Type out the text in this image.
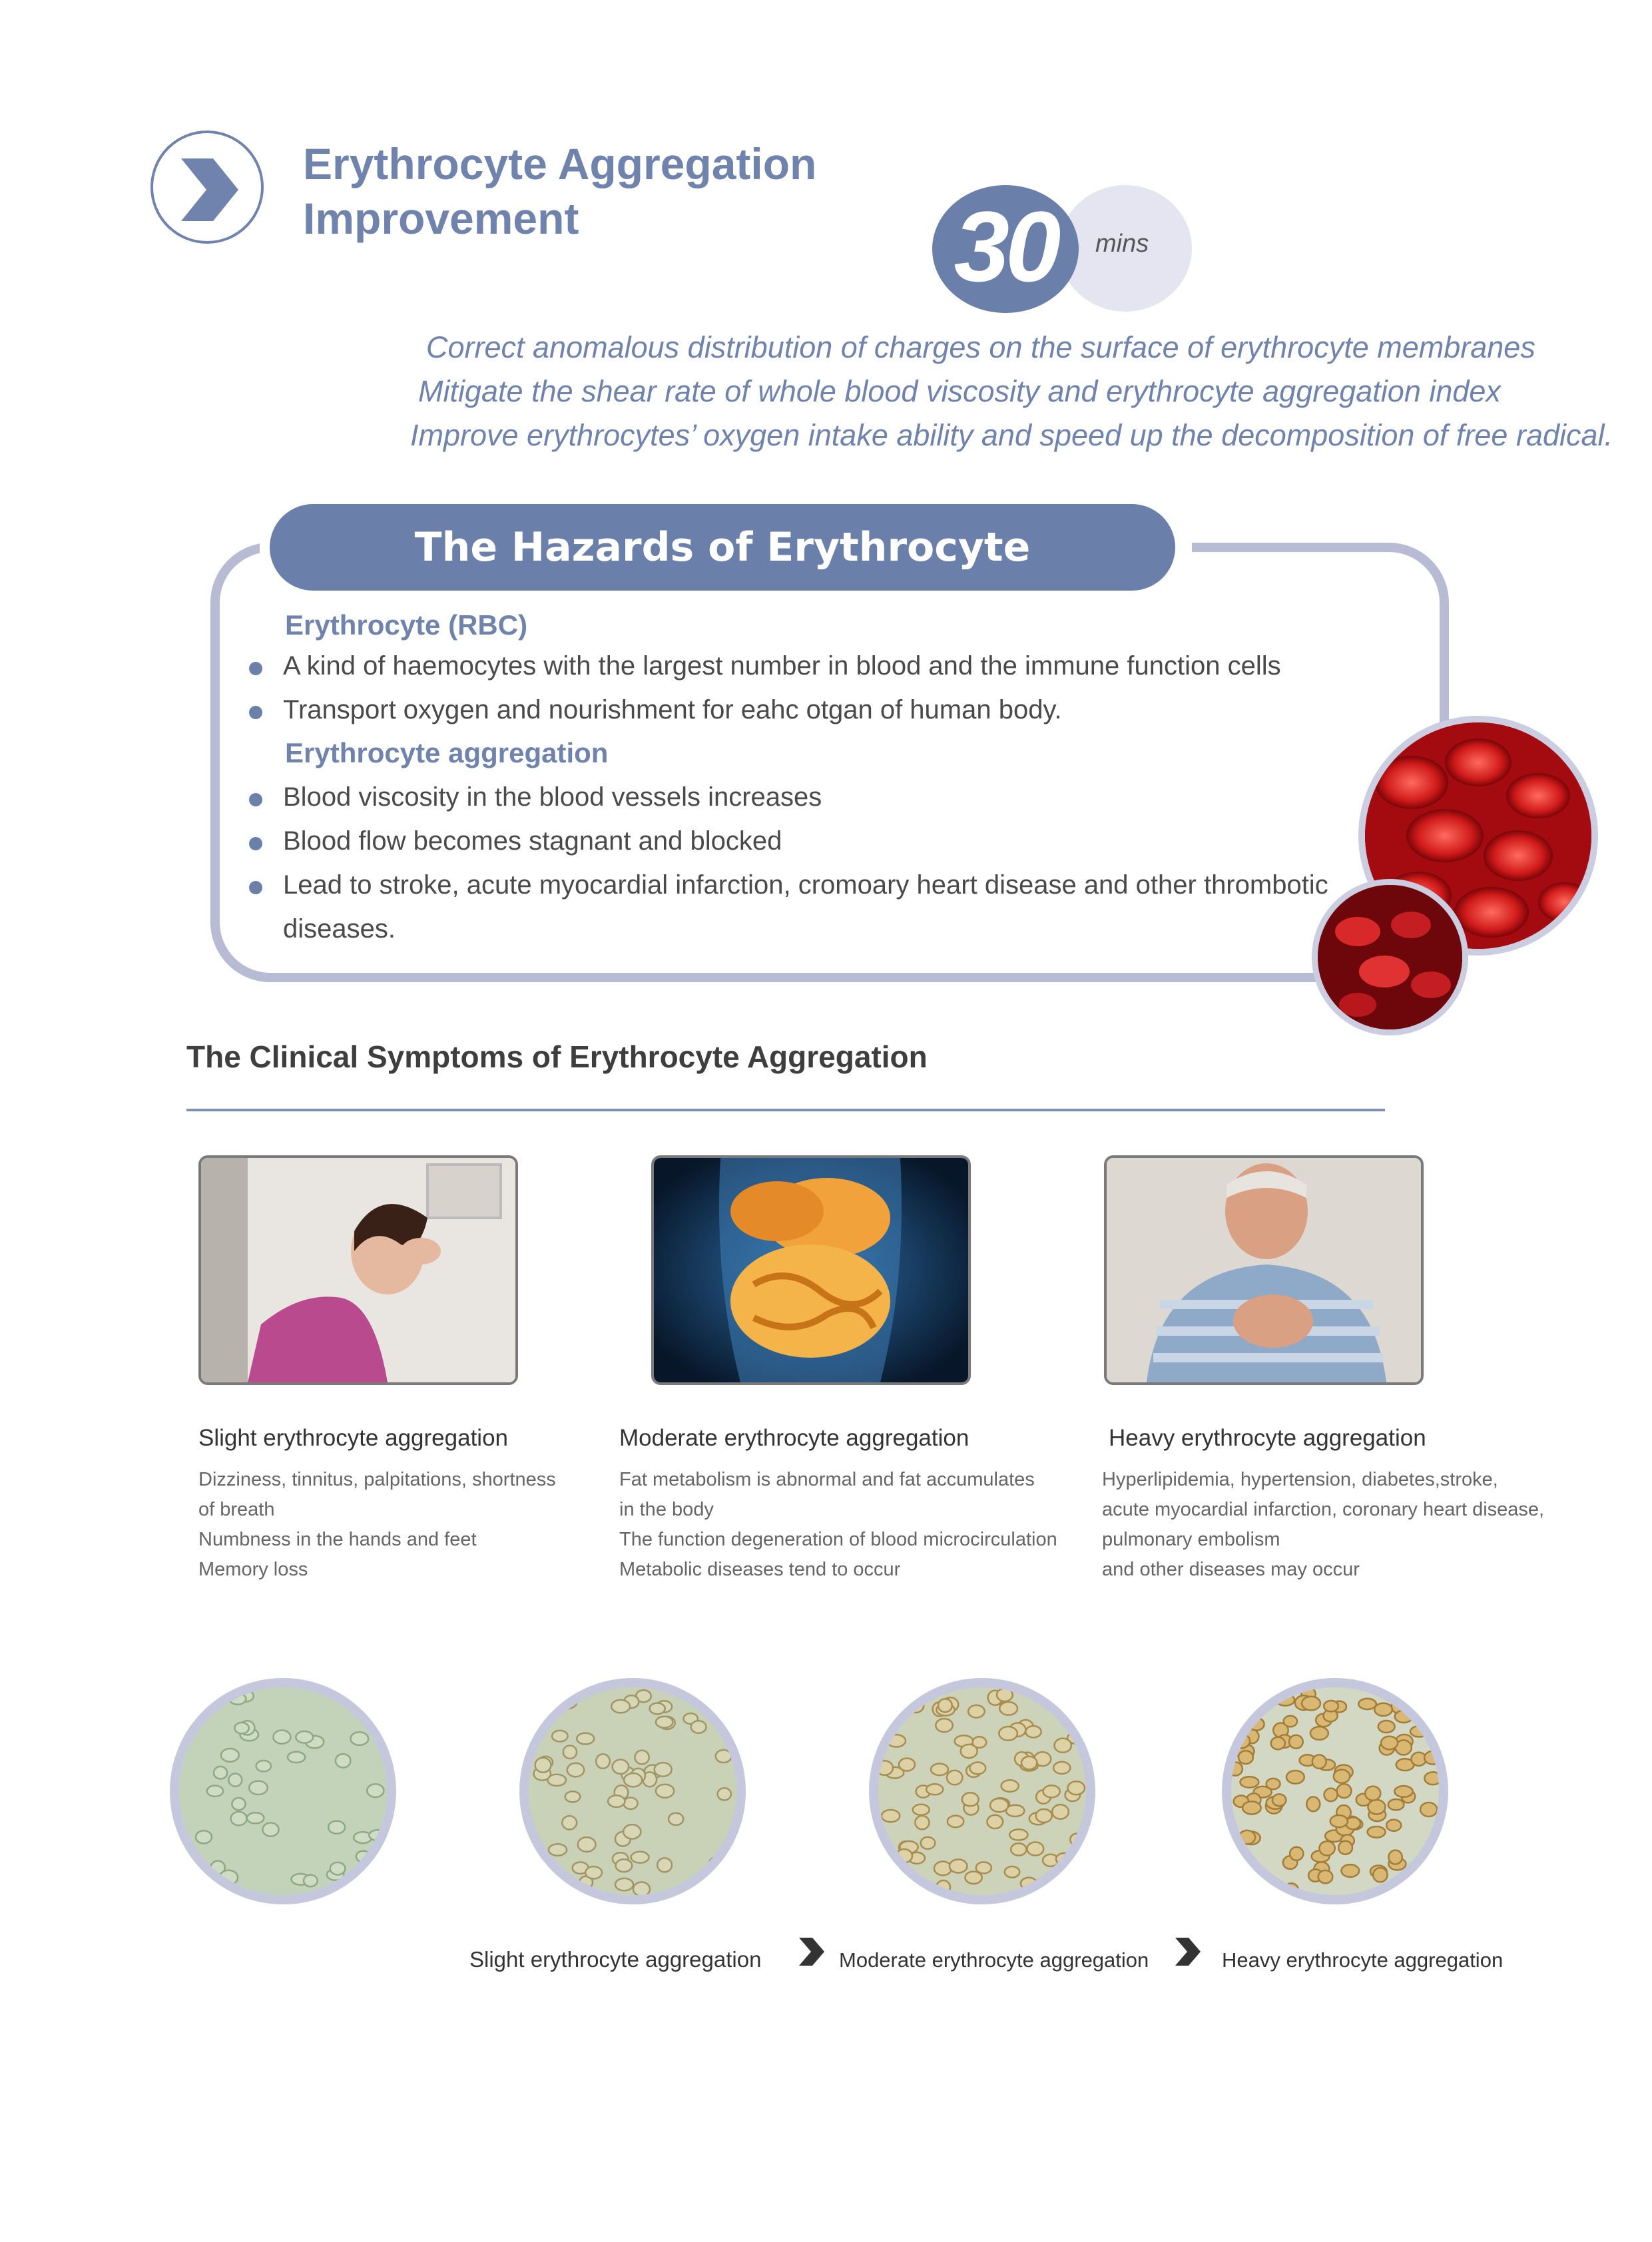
Erythrocyte Aggregation
Improvement	30	mins
Correct anomalous distribution of charges on the surface of erythrocyte membranes
Mitigate the shear rate of whole blood viscosity and erythrocyte aggregation index
Improve erythrocytes’ oxygen intake ability and speed up the decomposition of free radical.
The Hazards of Erythrocyte Aggregation
Erythrocyte (RBC)
A kind of haemocytes with the largest number in blood and the immune function cells
Transport oxygen and nourishment for eahc otgan of human body.
Erythrocyte aggregation
Blood viscosity in the blood vessels increases
Blood flow becomes stagnant and blocked
Lead to stroke, acute myocardial infarction, cromoary heart disease and other thrombotic
diseases.
The Clinical Symptoms of Erythrocyte Aggregation
Slight erythrocyte aggregation
Dizziness, tinnitus, palpitations, shortness
of breath
Numbness in the hands and feet
Memory loss
Moderate erythrocyte aggregation
Fat metabolism is abnormal and fat accumulates
in the body
The function degeneration of blood microcirculation
Metabolic diseases tend to occur
Heavy erythrocyte aggregation
Hyperlipidemia, hypertension, diabetes,stroke,
acute myocardial infarction, coronary heart disease,
pulmonary embolism
and other diseases may occur
Slight erythrocyte aggregation	Moderate erythrocyte aggregation	Heavy erythrocyte aggregation
